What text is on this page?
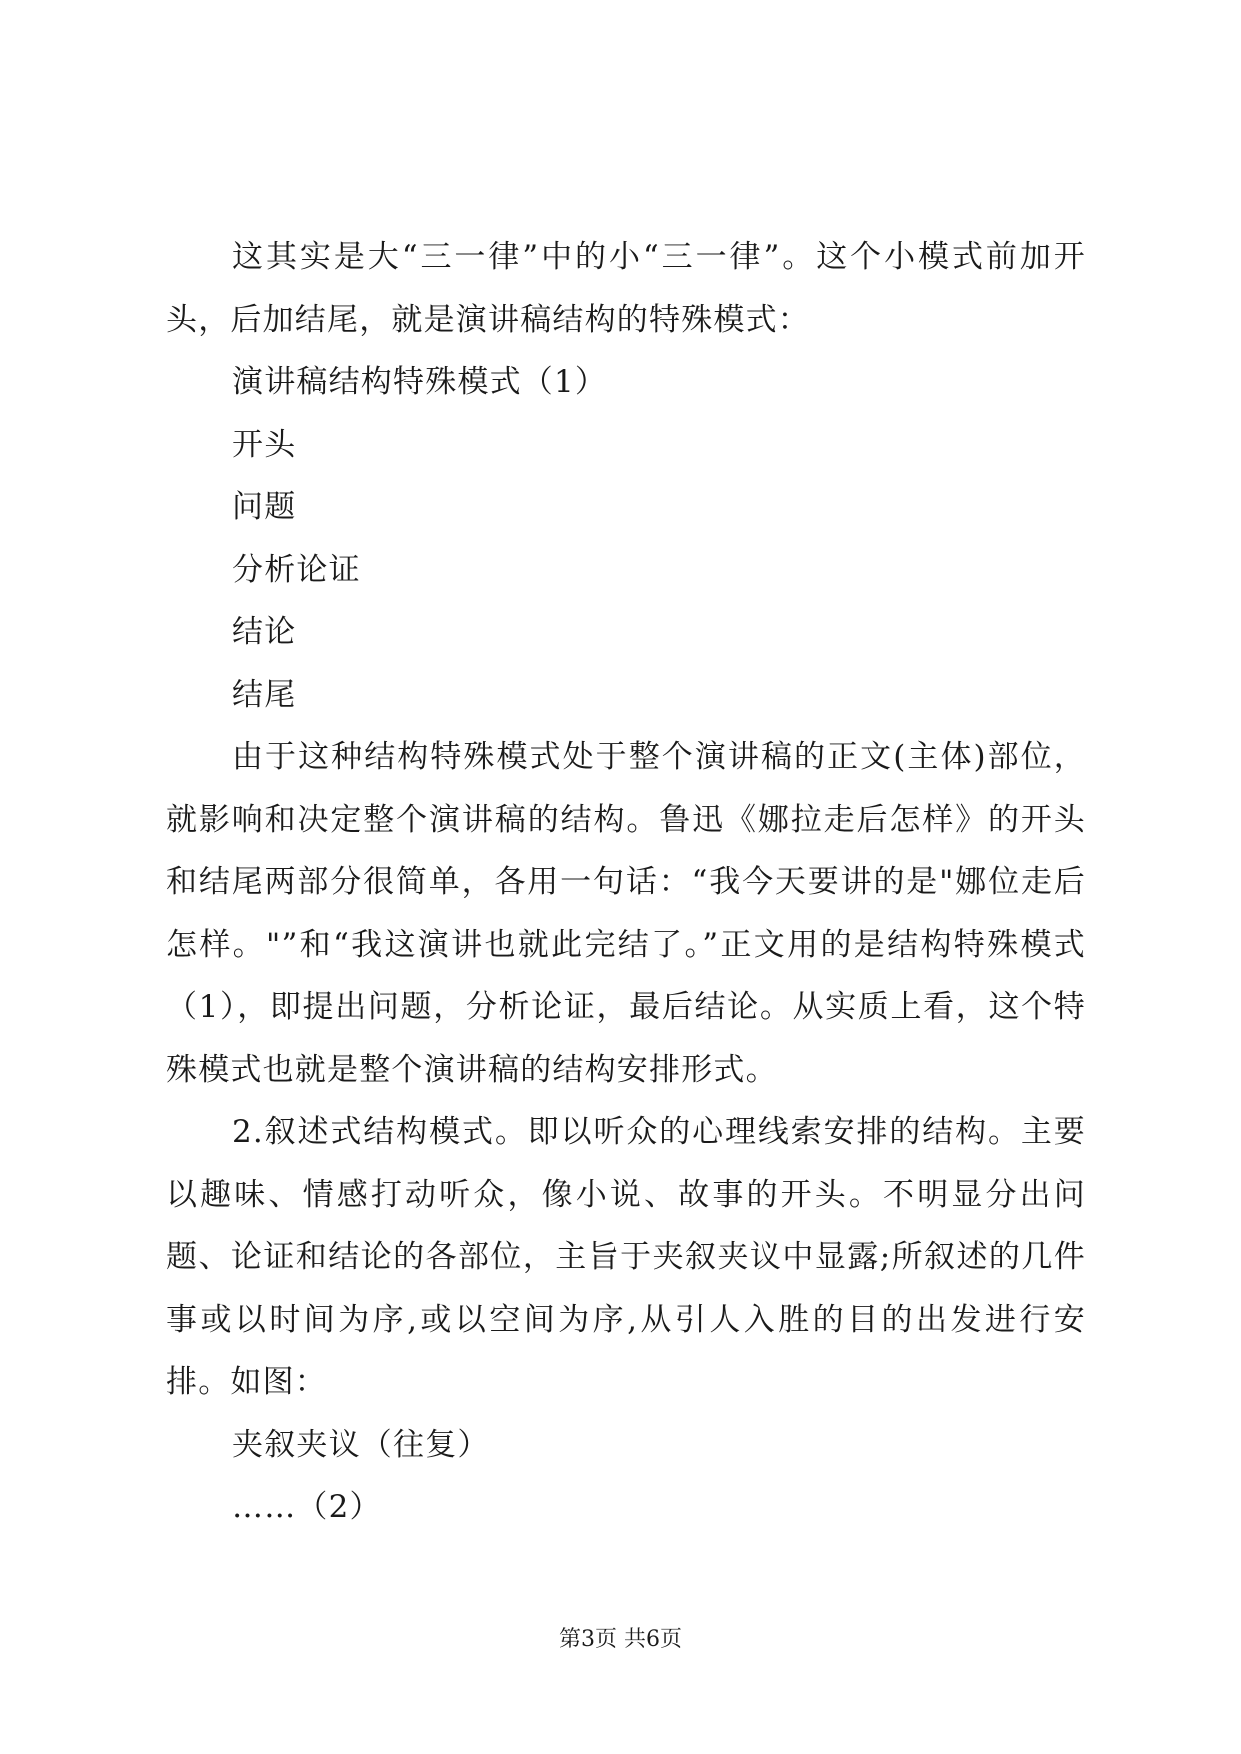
这其实是大“三一律”中的小“三一律”。这个小模式前加开头，后加结尾，就是演讲稿结构的特殊模式：

演讲稿结构特殊模式（1）

开头

问题

分析论证

结论

结尾

由于这种结构特殊模式处于整个演讲稿的正文(主体)部位，就影响和决定整个演讲稿的结构。鲁迅《娜拉走后怎样》的开头和结尾两部分很简单，各用一句话：“我今天要讲的是"娜位走后怎样。"”和“我这演讲也就此完结了。”正文用的是结构特殊模式（1），即提出问题，分析论证，最后结论。从实质上看，这个特殊模式也就是整个演讲稿的结构安排形式。

2.叙述式结构模式。即以听众的心理线索安排的结构。主要以趣味、情感打动听众，像小说、故事的开头。不明显分出问题、论证和结论的各部位，主旨于夹叙夹议中显露;所叙述的几件事或以时间为序,或以空间为序,从引人入胜的目的出发进行安排。如图：

夹叙夹议（往复）

……（2）

第3页 共6页
